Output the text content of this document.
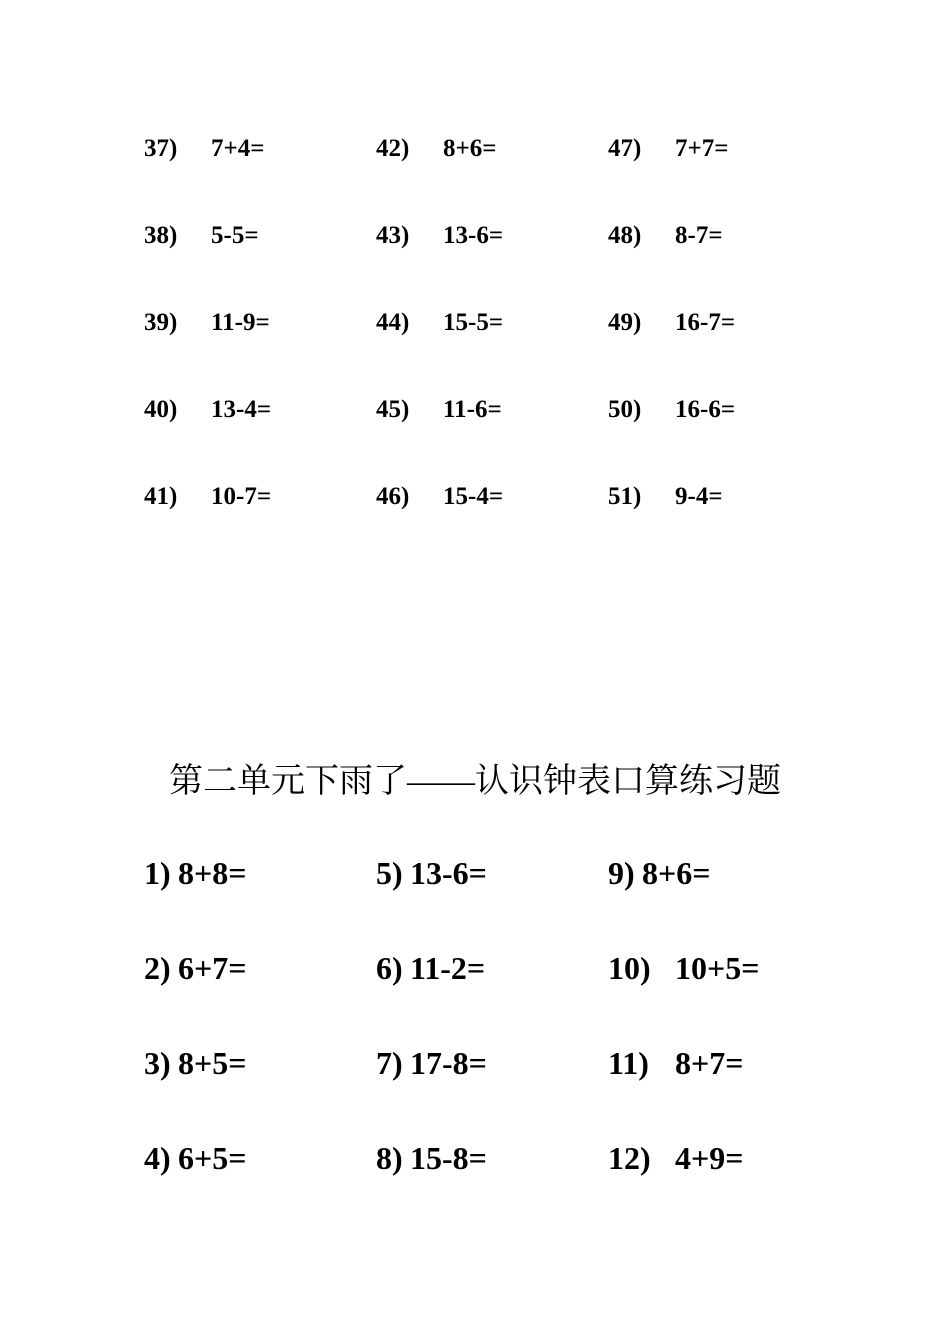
37) 7+4=	42) 8+6=	47) 7+7=
38) 5-5=	43) 13-6=	48) 8-7=
39) 11-9=	44) 15-5=	49) 16-7=
40) 13-4=	45) 11-6=	50) 16-6=
41) 10-7=	46) 15-4=	51) 9-4=
第二单元下雨了——认识钟表口算练习题
1) 8+8=	5) 13-6=	9) 8+6=
2) 6+7=	6) 11-2=	10) 10+5=
3) 8+5=	7) 17-8=	11) 8+7=
4) 6+5=	8) 15-8=	12) 4+9=
